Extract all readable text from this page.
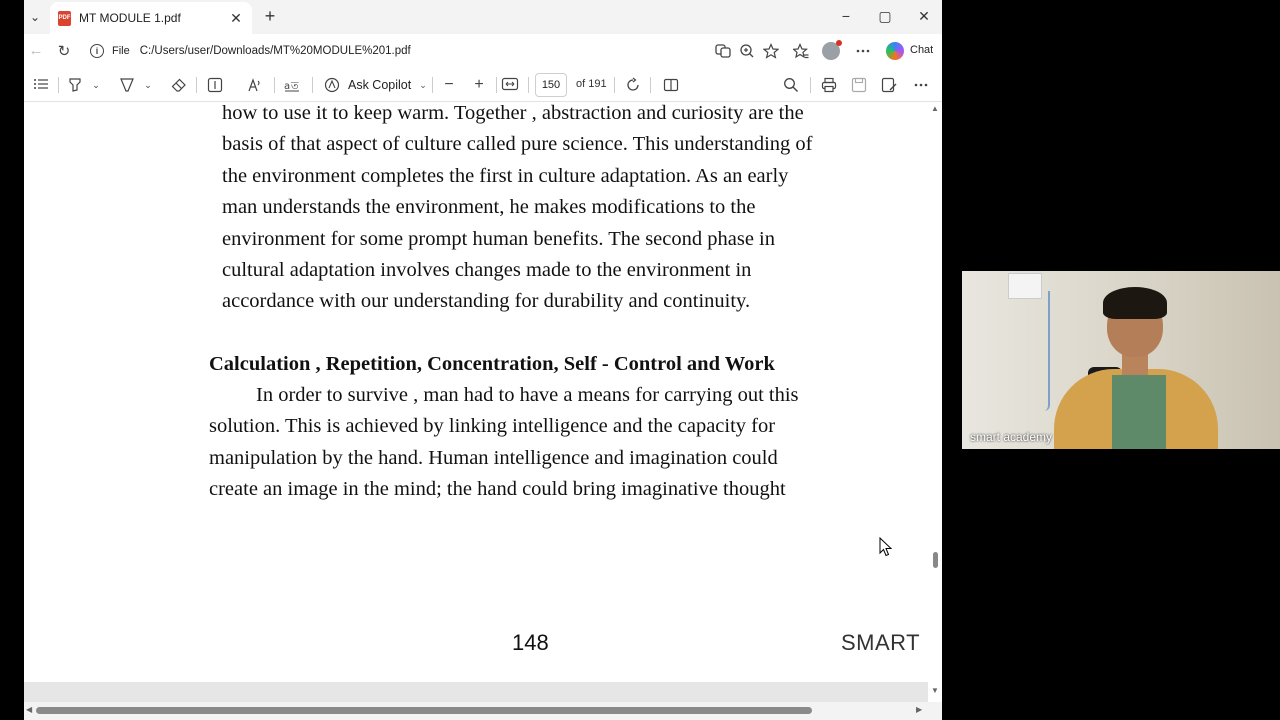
⌄	PDF MT MODULE 1.pdf	✕ +	−	▢ ✕
← ↻	i	File C:/Users/user/Downloads/MT%20MODULE%201.pdf	Chat
⌄	⌄	a ত	Ask Copilot ⌄ − +	150	of 191
how to use it to keep warm. Together , abstraction and curiosity are the
basis of that aspect of culture called pure science. This understanding of
the environment completes the first in culture adaptation. As an early
man understands the environment, he makes modifications to the
environment for some prompt human benefits. The second phase in
cultural adaptation involves changes made to the environment in
accordance with our understanding for durability and continuity.
Calculation , Repetition, Concentration, Self - Control and Work
In order to survive , man had to have a means for carrying out this
solution. This is achieved by linking intelligence and the capacity for
manipulation by the hand. Human intelligence and imagination could
create an image in the mind; the hand could bring imaginative thought
148	SMART
▲
▼
◀	▶
smart academy
